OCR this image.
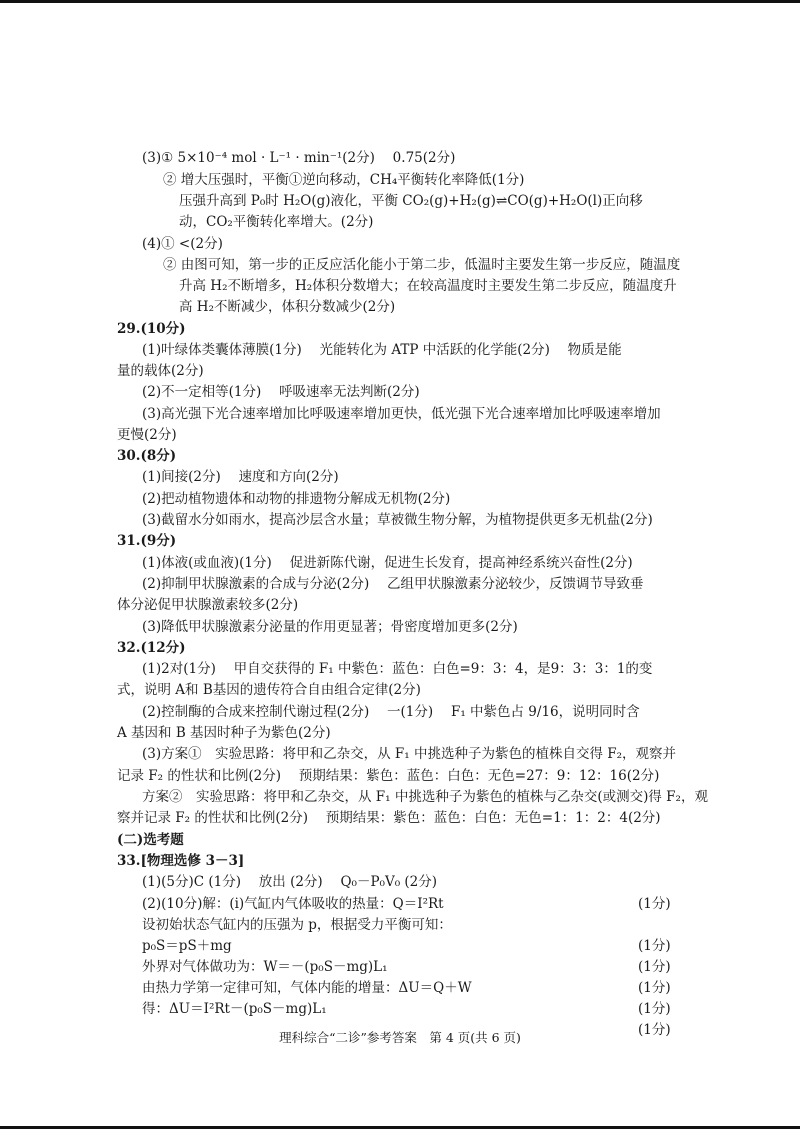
(3)① 5×10⁻⁴ mol · L⁻¹ · min⁻¹(2分)　 0.75(2分)
② 增大压强时，平衡①逆向移动，CH₄平衡转化率降低(1分)
压强升高到 P₀时 H₂O(g)液化，平衡 CO₂(g)+H₂(g)⇌CO(g)+H₂O(l)正向移
动，CO₂平衡转化率增大。(2分)
(4)① <(2分)
② 由图可知，第一步的正反应活化能小于第二步，低温时主要发生第一步反应，随温度
升高 H₂不断增多，H₂体积分数增大；在较高温度时主要发生第二步反应，随温度升
高 H₂不断减少，体积分数减少(2分)
29.(10分)
(1)叶绿体类囊体薄膜(1分)　 光能转化为 ATP 中活跃的化学能(2分)　 物质是能
量的载体(2分)
(2)不一定相等(1分)　 呼吸速率无法判断(2分)
(3)高光强下光合速率增加比呼吸速率增加更快，低光强下光合速率增加比呼吸速率增加
更慢(2分)
30.(8分)
(1)间接(2分)　 速度和方向(2分)
(2)把动植物遗体和动物的排遗物分解成无机物(2分)
(3)截留水分如雨水，提高沙层含水量；草被微生物分解，为植物提供更多无机盐(2分)
31.(9分)
(1)体液(或血液)(1分)　 促进新陈代谢，促进生长发育，提高神经系统兴奋性(2分)
(2)抑制甲状腺激素的合成与分泌(2分)　 乙组甲状腺激素分泌较少，反馈调节导致垂
体分泌促甲状腺激素较多(2分)
(3)降低甲状腺激素分泌量的作用更显著；骨密度增加更多(2分)
32.(12分)
(1)2对(1分)　 甲自交获得的 F₁ 中紫色：蓝色：白色=9：3：4，是9：3：3：1的变
式，说明 A和 B基因的遗传符合自由组合定律(2分)
(2)控制酶的合成来控制代谢过程(2分)　 一(1分)　 F₁ 中紫色占 9/16，说明同时含
A 基因和 B 基因时种子为紫色(2分)
(3)方案①　实验思路：将甲和乙杂交，从 F₁ 中挑选种子为紫色的植株自交得 F₂，观察并
记录 F₂ 的性状和比例(2分)　 预期结果：紫色：蓝色：白色：无色=27：9：12：16(2分)
方案②　实验思路：将甲和乙杂交，从 F₁ 中挑选种子为紫色的植株与乙杂交(或测交)得 F₂，观
察并记录 F₂ 的性状和比例(2分)　 预期结果：紫色：蓝色：白色：无色=1：1：2：4(2分)
(二)选考题
33.[物理选修 3－3]
(1)(5分)C (1分)　 放出 (2分)　 Q₀－P₀V₀ (2分)
(2)(10分)解：(i)气缸内气体吸收的热量：Q＝I²Rt
设初始状态气缸内的压强为 p，根据受力平衡可知：
p₀S＝pS＋mg
外界对气体做功为：W＝－(p₀S－mg)L₁
由热力学第一定律可知，气体内能的增量：ΔU＝Q＋W
得：ΔU＝I²Rt－(p₀S－mg)L₁
(1分)
(1分)
(1分)
(1分)
(1分)
(1分)
理科综合“二诊”参考答案　第 4 页(共 6 页)
